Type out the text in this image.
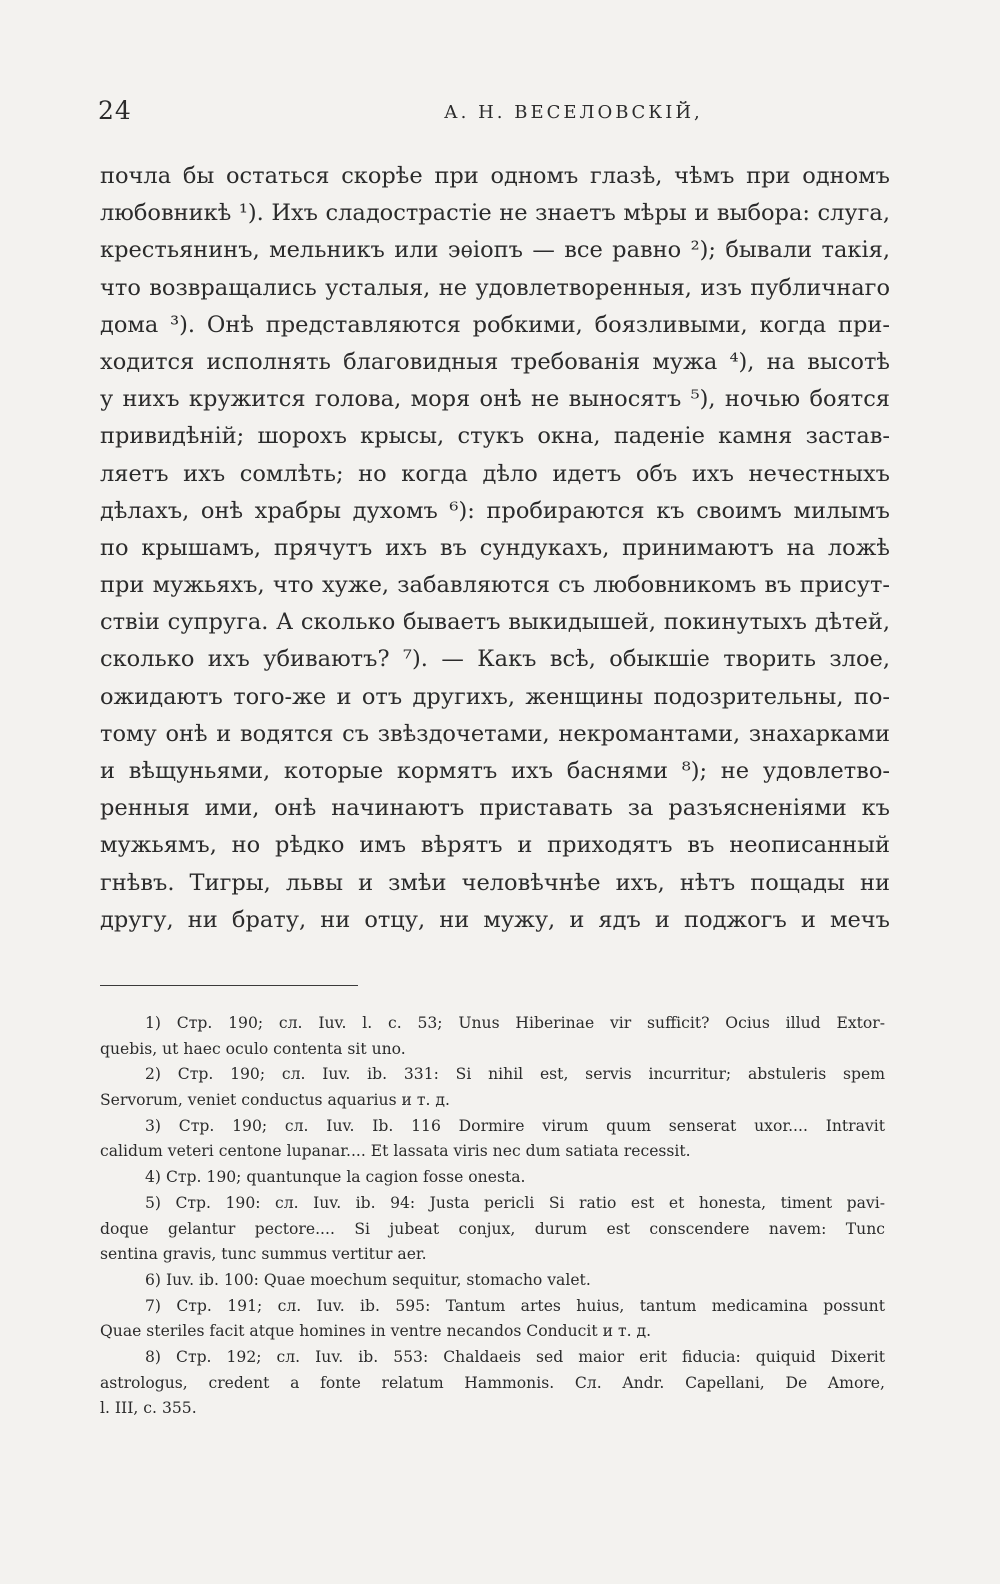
24	А. Н. ВЕСЕЛОВСКІЙ,
почла бы остаться скорѣе при одномъ глазѣ, чѣмъ при одномъ
любовникѣ ¹). Ихъ сладострастіе не знаетъ мѣры и выбора: слуга,
крестьянинъ, мельникъ или эѳіопъ — все равно ²); бывали такія,
что возвращались усталыя, не удовлетворенныя, изъ публичнаго
дома ³). Онѣ представляются робкими, боязливыми, когда при-
ходится исполнять благовидныя требованія мужа ⁴), на высотѣ
у нихъ кружится голова, моря онѣ не выносятъ ⁵), ночью боятся
привидѣній; шорохъ крысы, стукъ окна, паденіе камня застав-
ляетъ ихъ сомлѣть; но когда дѣло идетъ объ ихъ нечестныхъ
дѣлахъ, онѣ храбры духомъ ⁶): пробираются къ своимъ милымъ
по крышамъ, прячутъ ихъ въ сундукахъ, принимаютъ на ложѣ
при мужьяхъ, что хуже, забавляются съ любовникомъ въ присут-
ствіи супруга. А сколько бываетъ выкидышей, покинутыхъ дѣтей,
сколько ихъ убиваютъ? ⁷). — Какъ всѣ, обыкшіе творить злое,
ожидаютъ того-же и отъ другихъ, женщины подозрительны, по-
тому онѣ и водятся съ звѣздочетами, некромантами, знахарками
и вѣщуньями, которые кормятъ ихъ баснями ⁸); не удовлетво-
ренныя ими, онѣ начинаютъ приставать за разъясненіями къ
мужьямъ, но рѣдко имъ вѣрятъ и приходятъ въ неописанный
гнѣвъ. Тигры, львы и змѣи человѣчнѣе ихъ, нѣтъ пощады ни
другу, ни брату, ни отцу, ни мужу, и ядъ и поджогъ и мечъ
1) Стр. 190; сл. Iuv. l. c. 53; Unus Hiberinae vir sufficit? Ocius illud Extor-
quebis, ut haec oculo contenta sit uno.
2) Стр. 190; сл. Iuv. ib. 331: Si nihil est, servis incurritur; abstuleris spem
Servorum, veniet conductus aquarius и т. д.
3) Стр. 190; сл. Iuv. Ib. 116 Dormire virum quum senserat uxor.... Intravit
calidum veteri centone lupanar.... Et lassata viris nec dum satiata recessit.
4) Стр. 190; quantunque la cagion fosse onesta.
5) Стр. 190: сл. Iuv. ib. 94: Justa pericli Si ratio est et honesta, timent pavi-
doque gelantur pectore.... Si jubeat conjux, durum est conscendere navem: Tunc
sentina gravis, tunc summus vertitur aer.
6) Iuv. ib. 100: Quae moechum sequitur, stomacho valet.
7) Стр. 191; сл. Iuv. ib. 595: Tantum artes huius, tantum medicamina possunt
Quae steriles facit atque homines in ventre necandos Conducit и т. д.
8) Стр. 192; сл. Iuv. ib. 553: Chaldaeis sed maior erit fiducia: quiquid Dixerit
astrologus, credent a fonte relatum Hammonis. Сл. Andr. Capellani, De Amore,
l. III, c. 355.
